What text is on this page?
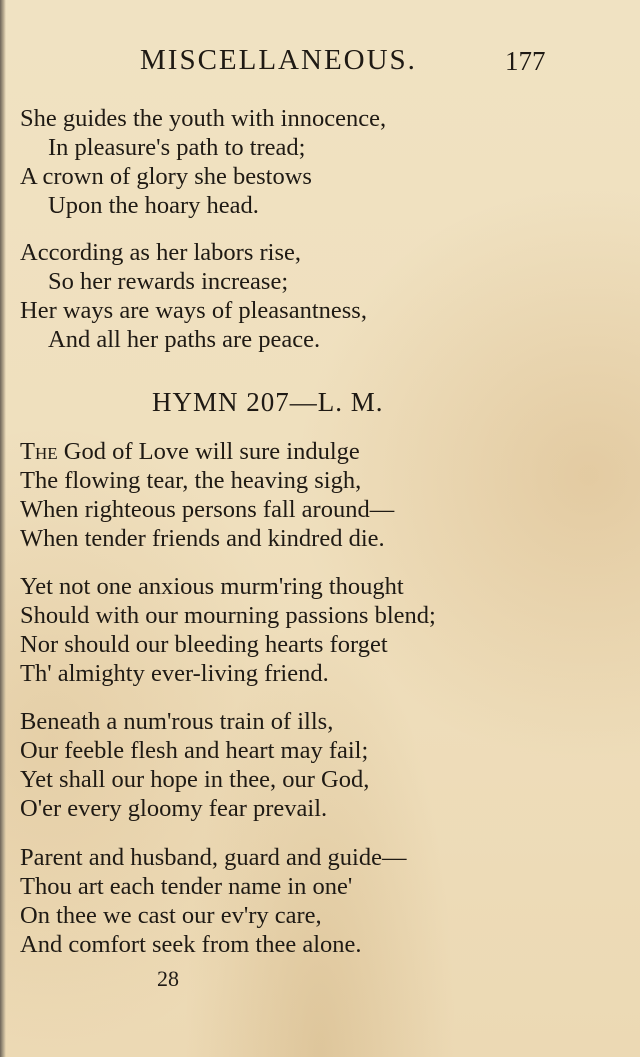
MISCELLANEOUS.	177
She guides the youth with innocence,
In pleasure's path to tread;
A crown of glory she bestows
Upon the hoary head.
According as her labors rise,
So her rewards increase;
Her ways are ways of pleasantness,
And all her paths are peace.
HYMN 207—L. M.
The God of Love will sure indulge
The flowing tear, the heaving sigh,
When righteous persons fall around—
When tender friends and kindred die.
Yet not one anxious murm'ring thought
Should with our mourning passions blend;
Nor should our bleeding hearts forget
Th' almighty ever-living friend.
Beneath a num'rous train of ills,
Our feeble flesh and heart may fail;
Yet shall our hope in thee, our God,
O'er every gloomy fear prevail.
Parent and husband, guard and guide—
Thou art each tender name in one'
On thee we cast our ev'ry care,
And comfort seek from thee alone.
28
